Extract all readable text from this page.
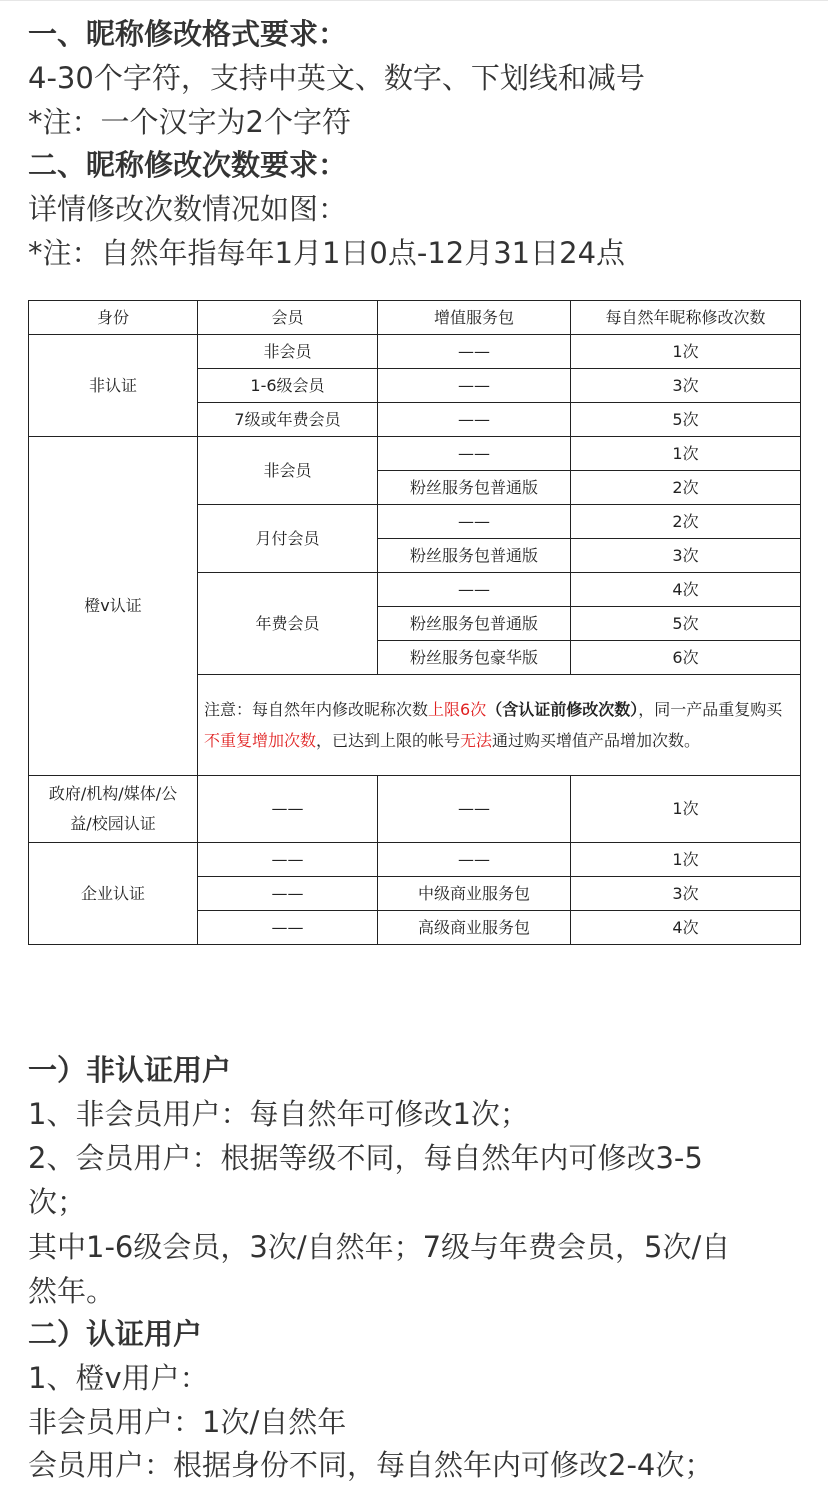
一、昵称修改格式要求：

4-30个字符，支持中英文、数字、下划线和减号

*注：一个汉字为2个字符

二、昵称修改次数要求：

详情修改次数情况如图：

*注：自然年指每年1月1日0点-12月31日24点

身份	会员	增值服务包	每自然年昵称修改次数
非认证	非会员	——	1次
	1-6级会员	——	3次
	7级或年费会员	——	5次
橙v认证	非会员	——	1次
		粉丝服务包普通版	2次
	月付会员	——	2次
		粉丝服务包普通版	3次
	年费会员	——	4次
		粉丝服务包普通版	5次
		粉丝服务包豪华版	6次
	注意：每自然年内修改昵称次数上限6次（含认证前修改次数），同一产品重复购买不重复增加次数，已达到上限的帐号无法通过购买增值产品增加次数。		
政府/机构/媒体/公
益/校园认证	——	——	1次
企业认证	——	——	1次
	——	中级商业服务包	3次
	——	高级商业服务包	4次

一）非认证用户

1、非会员用户：每自然年可修改1次；

2、会员用户：根据等级不同，每自然年内可修改3-5

次；

其中1-6级会员，3次/自然年；7级与年费会员，5次/自

然年。

二）认证用户

1、橙v用户：

非会员用户：1次/自然年

会员用户：根据身份不同，每自然年内可修改2-4次；
